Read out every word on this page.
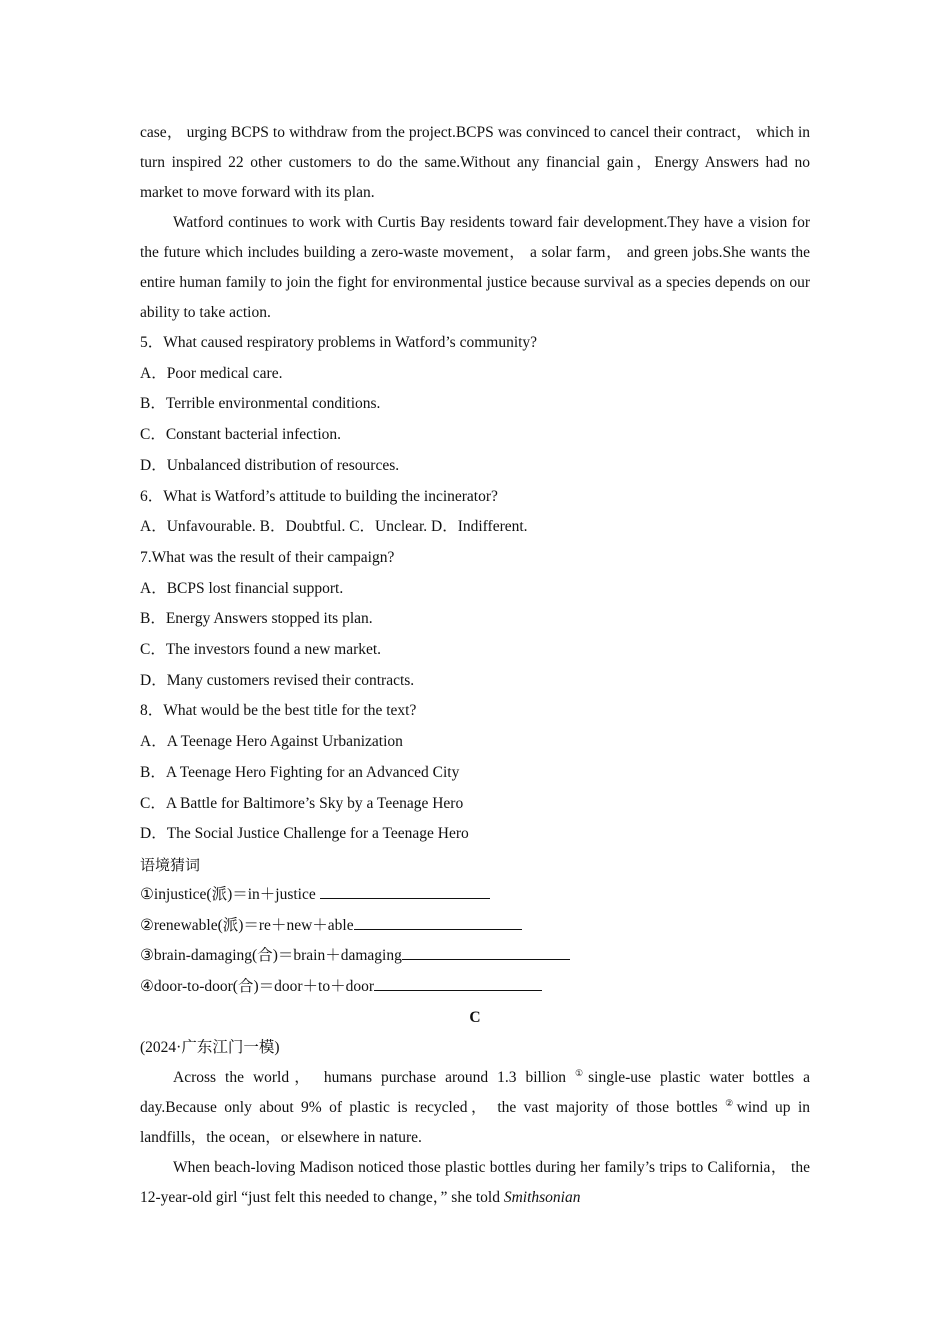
case， urging BCPS to withdraw from the project.BCPS was convinced to cancel their contract， which in turn inspired 22 other customers to do the same.Without any financial gain，Energy Answers had no market to move forward with its plan.

Watford continues to work with Curtis Bay residents toward fair development.They have a vision for the future which includes building a zero-waste movement， a solar farm， and green jobs.She wants the entire human family to join the fight for environmental justice because survival as a species depends on our ability to take action.

5．What caused respiratory problems in Watford’s community?

A．Poor medical care.

B．Terrible environmental conditions.

C．Constant bacterial infection.

D．Unbalanced distribution of resources.

6．What is Watford’s attitude to building the incinerator?

A．Unfavourable. B．Doubtful. C．Unclear. D．Indifferent.

7.What was the result of their campaign?

A．BCPS lost financial support.

B．Energy Answers stopped its plan.

C．The investors found a new market.

D．Many customers revised their contracts.

8．What would be the best title for the text?

A．A Teenage Hero Against Urbanization

B．A Teenage Hero Fighting for an Advanced City

C．A Battle for Baltimore’s Sky by a Teenage Hero

D．The Social Justice Challenge for a Teenage Hero

语境猜词

①injustice(派)＝in＋justice

②renewable(派)＝re＋new＋able

③brain-damaging(合)＝brain＋damaging

④door-to-door(合)＝door＋to＋door

C

(2024·广东江门一模)

Across the world， humans purchase around 1.3 billion ①single-use plastic water bottles a day.Because only about 9% of plastic is recycled， the vast majority of those bottles ②wind up in landfills，the ocean，or elsewhere in nature.

When beach-loving Madison noticed those plastic bottles during her family’s trips to California， the 12-year-old girl “just felt this needed to change，” she told Smithsonian
